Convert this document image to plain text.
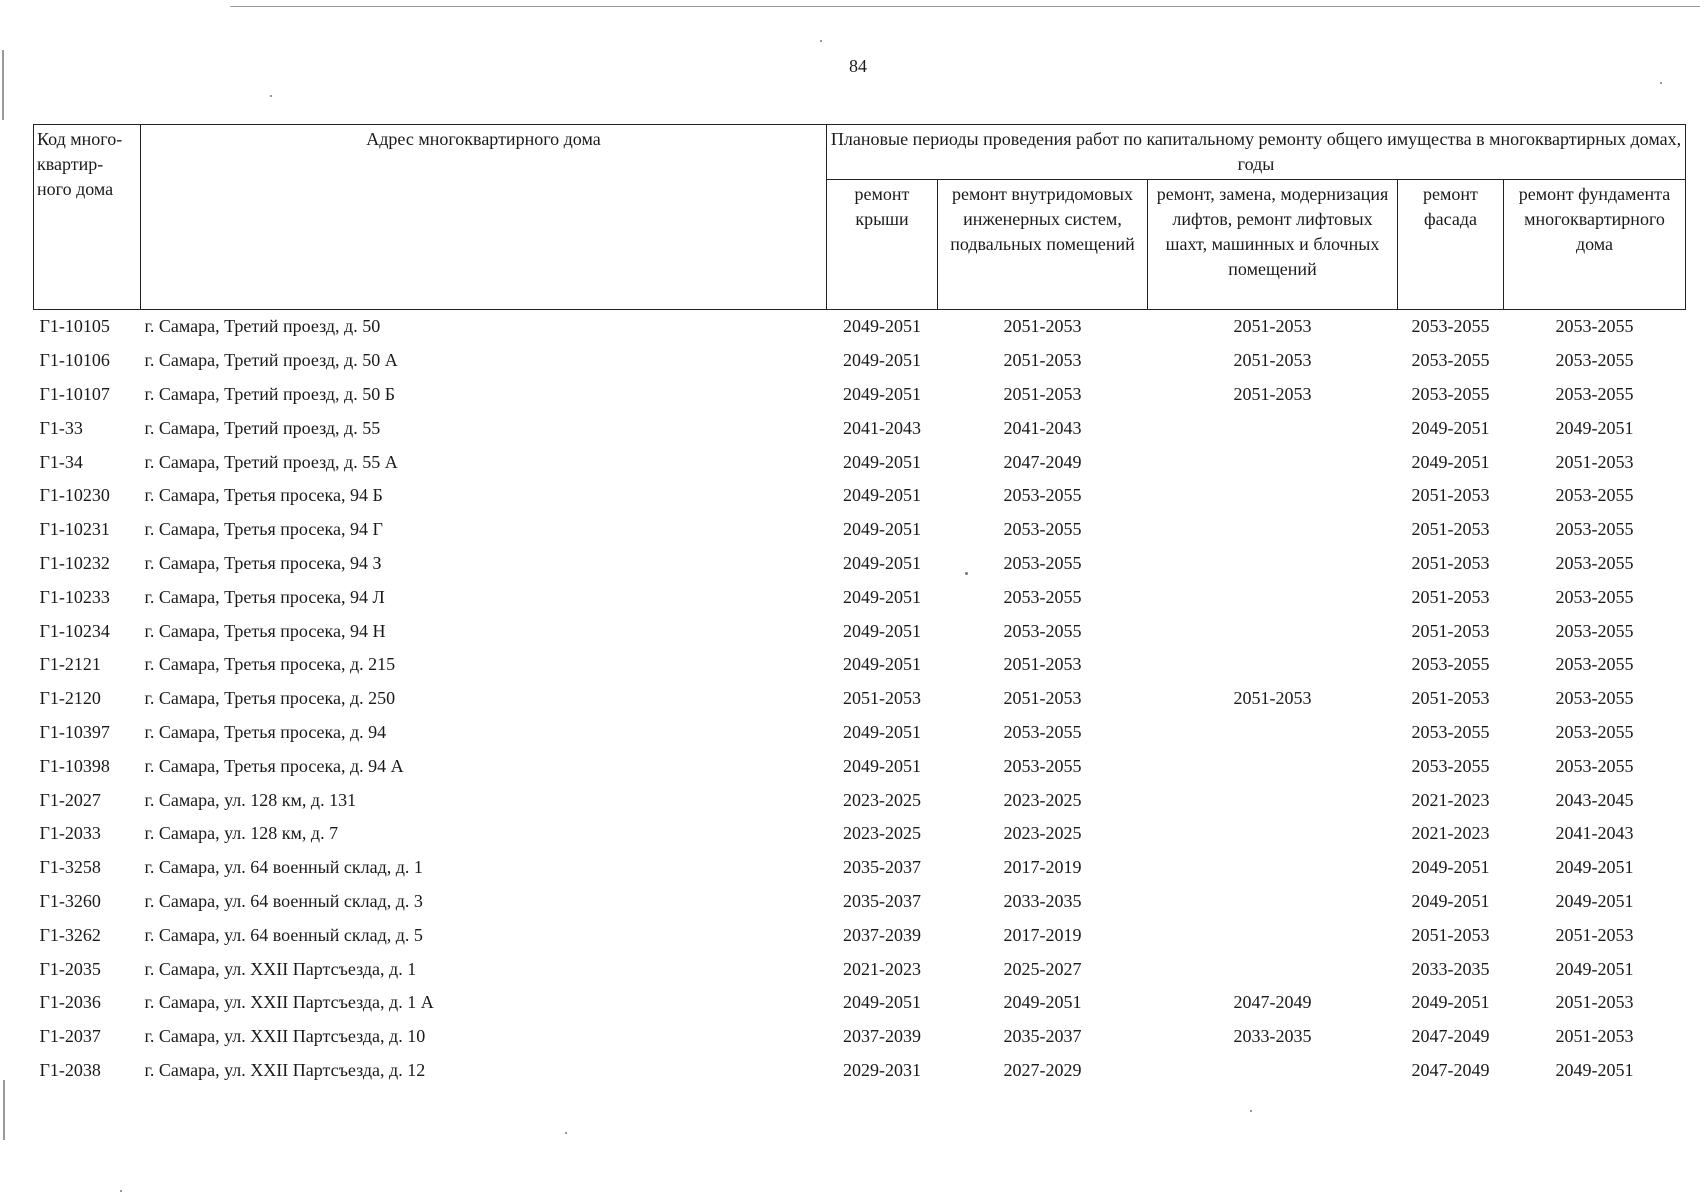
84
Код много-квартир-ного дома	Адрес многоквартирного дома	Плановые периоды проведения работ по капитальному ремонту общего имущества в многоквартирных домах, годы				
		ремонт крыши	ремонт внутридомовых инженерных систем, подвальных помещений	ремонт, замена, модернизация лифтов, ремонт лифтовых шахт, машинных и блочных помещений	ремонт фасада	ремонт фундамента многоквартирного дома
Г1-10105	г. Самара, Третий проезд, д. 50	2049-2051	2051-2053	2051-2053	2053-2055	2053-2055
Г1-10106	г. Самара, Третий проезд, д. 50 А	2049-2051	2051-2053	2051-2053	2053-2055	2053-2055
Г1-10107	г. Самара, Третий проезд, д. 50 Б	2049-2051	2051-2053	2051-2053	2053-2055	2053-2055
Г1-33	г. Самара, Третий проезд, д. 55	2041-2043	2041-2043		2049-2051	2049-2051
Г1-34	г. Самара, Третий проезд, д. 55 А	2049-2051	2047-2049		2049-2051	2051-2053
Г1-10230	г. Самара, Третья просека, 94 Б	2049-2051	2053-2055		2051-2053	2053-2055
Г1-10231	г. Самара, Третья просека, 94 Г	2049-2051	2053-2055		2051-2053	2053-2055
Г1-10232	г. Самара, Третья просека, 94 З	2049-2051	2053-2055		2051-2053	2053-2055
Г1-10233	г. Самара, Третья просека, 94 Л	2049-2051	2053-2055		2051-2053	2053-2055
Г1-10234	г. Самара, Третья просека, 94 Н	2049-2051	2053-2055		2051-2053	2053-2055
Г1-2121	г. Самара, Третья просека, д. 215	2049-2051	2051-2053		2053-2055	2053-2055
Г1-2120	г. Самара, Третья просека, д. 250	2051-2053	2051-2053	2051-2053	2051-2053	2053-2055
Г1-10397	г. Самара, Третья просека, д. 94	2049-2051	2053-2055		2053-2055	2053-2055
Г1-10398	г. Самара, Третья просека, д. 94 А	2049-2051	2053-2055		2053-2055	2053-2055
Г1-2027	г. Самара, ул. 128 км, д. 131	2023-2025	2023-2025		2021-2023	2043-2045
Г1-2033	г. Самара, ул. 128 км, д. 7	2023-2025	2023-2025		2021-2023	2041-2043
Г1-3258	г. Самара, ул. 64 военный склад, д. 1	2035-2037	2017-2019		2049-2051	2049-2051
Г1-3260	г. Самара, ул. 64 военный склад, д. 3	2035-2037	2033-2035		2049-2051	2049-2051
Г1-3262	г. Самара, ул. 64 военный склад, д. 5	2037-2039	2017-2019		2051-2053	2051-2053
Г1-2035	г. Самара, ул. XXII Партсъезда, д. 1	2021-2023	2025-2027		2033-2035	2049-2051
Г1-2036	г. Самара, ул. XXII Партсъезда, д. 1 А	2049-2051	2049-2051	2047-2049	2049-2051	2051-2053
Г1-2037	г. Самара, ул. XXII Партсъезда, д. 10	2037-2039	2035-2037	2033-2035	2047-2049	2051-2053
Г1-2038	г. Самара, ул. XXII Партсъезда, д. 12	2029-2031	2027-2029		2047-2049	2049-2051
